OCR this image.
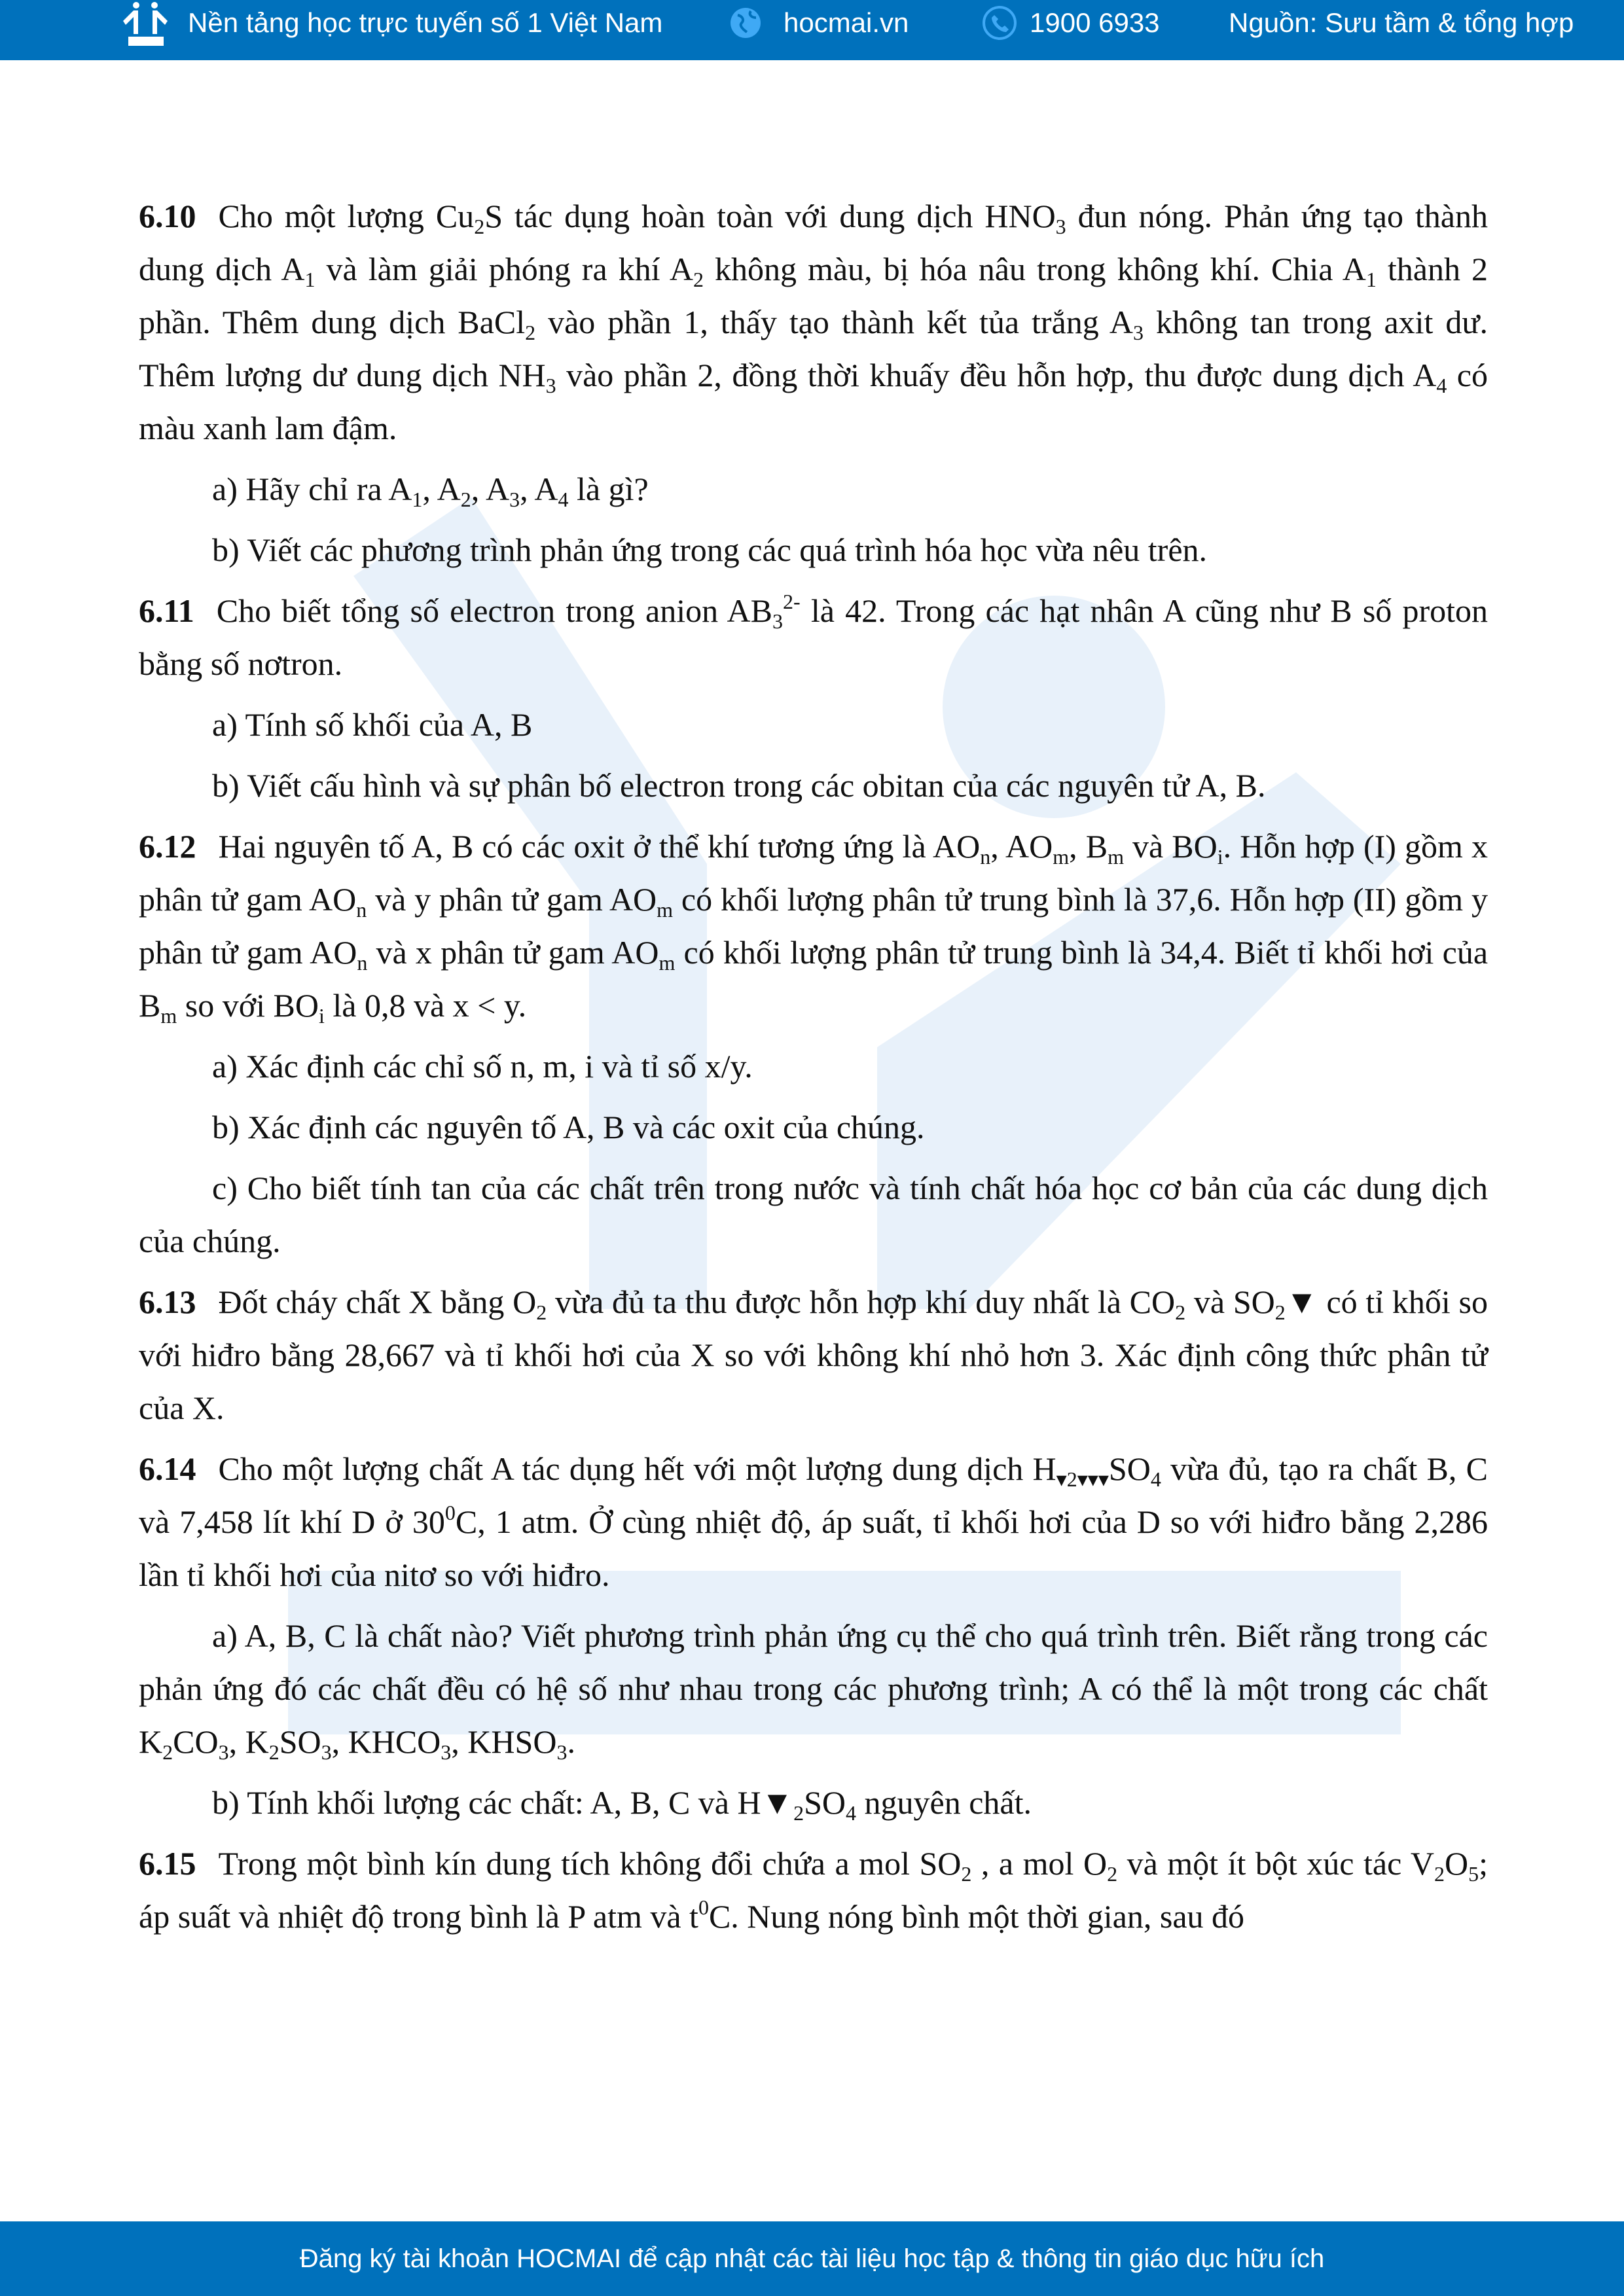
Nền tảng học trực tuyến số 1 Việt Nam	hocmai.vn	1900 6933	Nguồn: Sưu tầm & tổng hợp

6.10 Cho một lượng $Cu_2S$ tác dụng hoàn toàn với dung dịch $HNO_3$ đun nóng. Phản ứng tạo thành dung dịch $A_1$ và làm giải phóng ra khí $A_2$ không màu, bị hóa nâu trong không khí. Chia $A_1$ thành 2 phần. Thêm dung dịch BaCl$_2$ vào phần 1, thấy tạo thành kết tủa trắng $A_3$ không tan trong axit dư. Thêm lượng dư dung dịch $NH_3$ vào phần 2, đồng thời khuấy đều hỗn hợp, thu được dung dịch $A_4$ có màu xanh lam đậm.

a) Hãy chỉ ra $A_1$, $A_2$, $A_3$, $A_4$ là gì?

b) Viết các phương trình phản ứng trong các quá trình hóa học vừa nêu trên.

6.11 Cho biết tổng số electron trong anion $AB_3^{2-}$ là 42. Trong các hạt nhân A cũng như B số proton bằng số nơtron.

a) Tính số khối của A, B

b) Viết cấu hình và sự phân bố electron trong các obitan của các nguyên tử A, B.

6.12 Hai nguyên tố A, B có các oxit ở thể khí tương ứng là $AO_n$, $AO_m$, $B_m$ và $BO_i$. Hỗn hợp (I) gồm x phân tử gam $AO_n$ và y phân tử gam $AO_m$ có khối lượng phân tử trung bình là 37,6. Hỗn hợp (II) gồm y phân tử gam $AO_n$ và x phân tử gam $AO_m$ có khối lượng phân tử trung bình là 34,4. Biết tỉ khối hơi của $B_m$ so với $BO_i$ là 0,8 và x < y.

a) Xác định các chỉ số n, m, i và tỉ số x/y.

b) Xác định các nguyên tố A, B và các oxit của chúng.

c) Cho biết tính tan của các chất trên trong nước và tính chất hóa học cơ bản của các dung dịch của chúng.

6.13 Đốt cháy chất X bằng $O_2$ vừa đủ ta thu được hỗn hợp khí duy nhất là $CO_2$ và $SO_2▼$ có tỉ khối so với hiđro bằng 28,667 và tỉ khối hơi của X so với không khí nhỏ hơn 3. Xác định công thức phân tử của X.

6.14 Cho một lượng chất A tác dụng hết với một lượng dung dịch $H_{▾2▾▾▾}SO_4$ vừa đủ, tạo ra chất B, C và 7,458 lít khí D ở $30^0C$, 1 atm. Ở cùng nhiệt độ, áp suất, tỉ khối hơi của D so với hiđro bằng 2,286 lần tỉ khối hơi của nitơ so với hiđro.

a) A, B, C là chất nào? Viết phương trình phản ứng cụ thể cho quá trình trên. Biết rằng trong các phản ứng đó các chất đều có hệ số như nhau trong các phương trình; A có thể là một trong các chất $K_2CO_3$, $K_2SO_3$, $KHCO_3$, $KHSO_3$.

b) Tính khối lượng các chất: A, B, C và $H▼_2SO_4$ nguyên chất.

6.15 Trong một bình kín dung tích không đổi chứa a mol $SO_2$ , a mol $O_2$ và một ít bột xúc tác $V_2O_5$; áp suất và nhiệt độ trong bình là P atm và $t^0C$. Nung nóng bình một thời gian, sau đó

Đăng ký tài khoản HOCMAI để cập nhật các tài liệu học tập & thông tin giáo dục hữu ích
